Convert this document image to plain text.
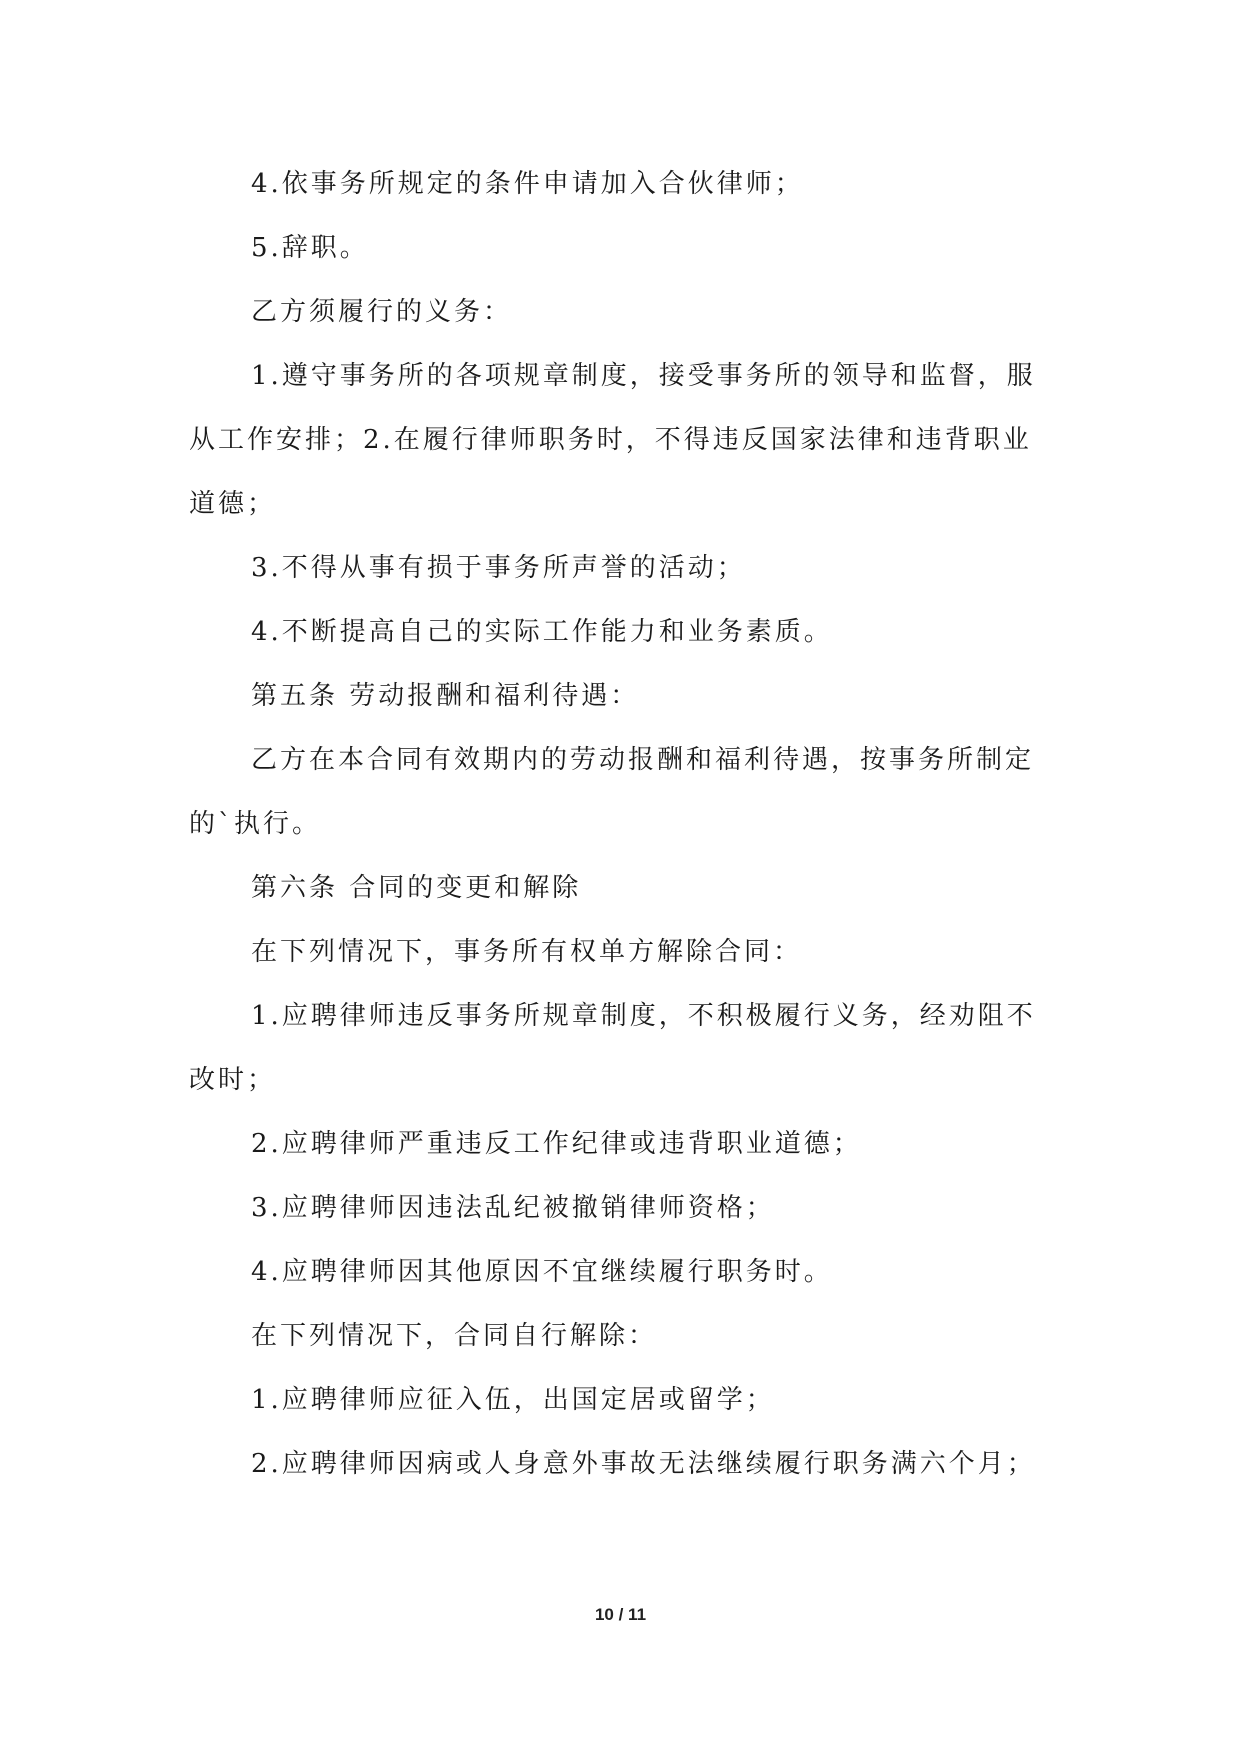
4.依事务所规定的条件申请加入合伙律师；

5.辞职。

乙方须履行的义务：

1.遵守事务所的各项规章制度，接受事务所的领导和监督，服从工作安排；2.在履行律师职务时，不得违反国家法律和违背职业道德；

3.不得从事有损于事务所声誉的活动；

4.不断提高自己的实际工作能力和业务素质。

第五条 劳动报酬和福利待遇：

乙方在本合同有效期内的劳动报酬和福利待遇，按事务所制定的`执行。

第六条 合同的变更和解除

在下列情况下，事务所有权单方解除合同：

1.应聘律师违反事务所规章制度，不积极履行义务，经劝阻不改时；

2.应聘律师严重违反工作纪律或违背职业道德；

3.应聘律师因违法乱纪被撤销律师资格；

4.应聘律师因其他原因不宜继续履行职务时。

在下列情况下，合同自行解除：

1.应聘律师应征入伍，出国定居或留学；

2.应聘律师因病或人身意外事故无法继续履行职务满六个月；

10 / 11
